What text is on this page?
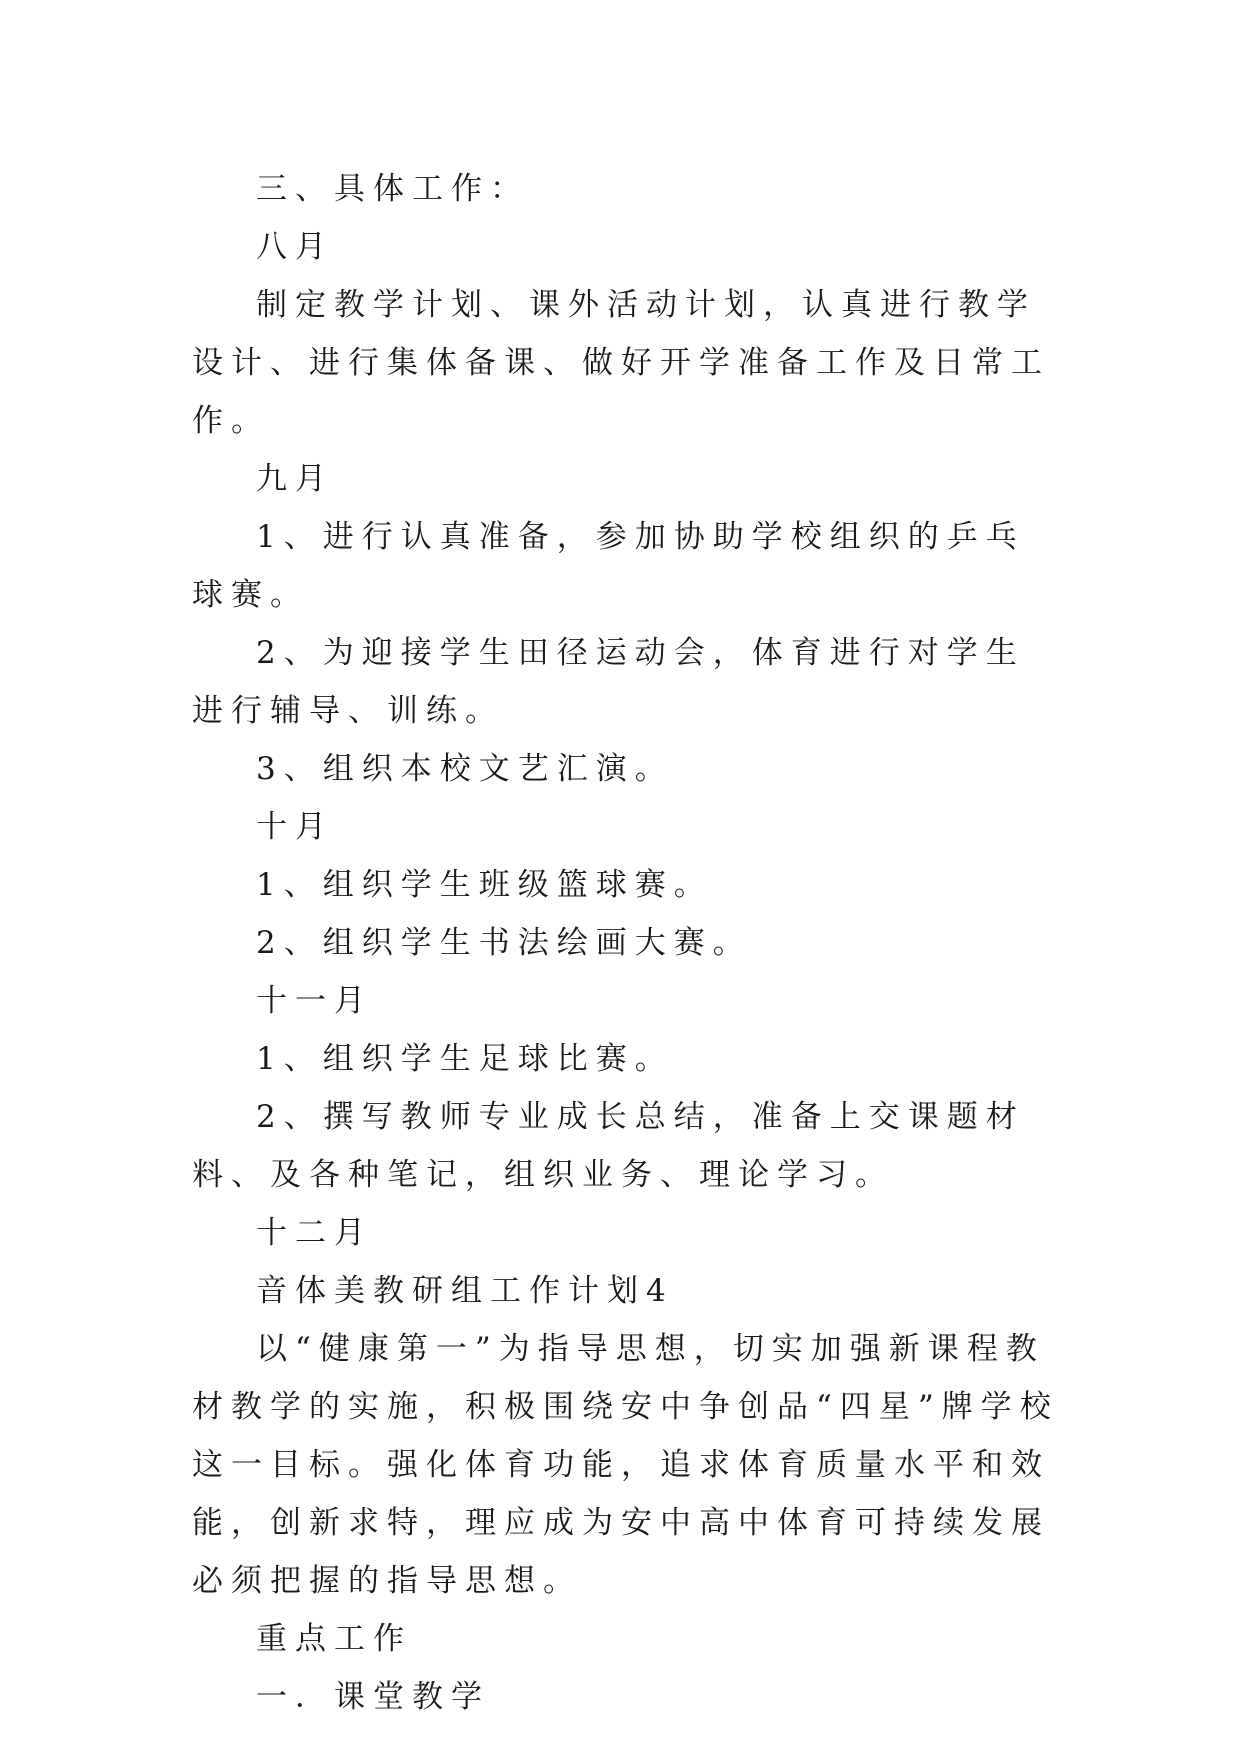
三、具体工作：

八月

制定教学计划、课外活动计划，认真进行教学设计、进行集体备课、做好开学准备工作及日常工作。

九月

1、进行认真准备，参加协助学校组织的乒乓球赛。

2、为迎接学生田径运动会，体育进行对学生进行辅导、训练。

3、组织本校文艺汇演。

十月

1、组织学生班级篮球赛。

2、组织学生书法绘画大赛。

十一月

1、组织学生足球比赛。

2、撰写教师专业成长总结，准备上交课题材料、及各种笔记，组织业务、理论学习。

十二月

音体美教研组工作计划4

以“健康第一”为指导思想，切实加强新课程教材教学的实施，积极围绕安中争创品“四星”牌学校这一目标。强化体育功能，追求体育质量水平和效能，创新求特，理应成为安中高中体育可持续发展必须把握的指导思想。

重点工作

一．课堂教学
